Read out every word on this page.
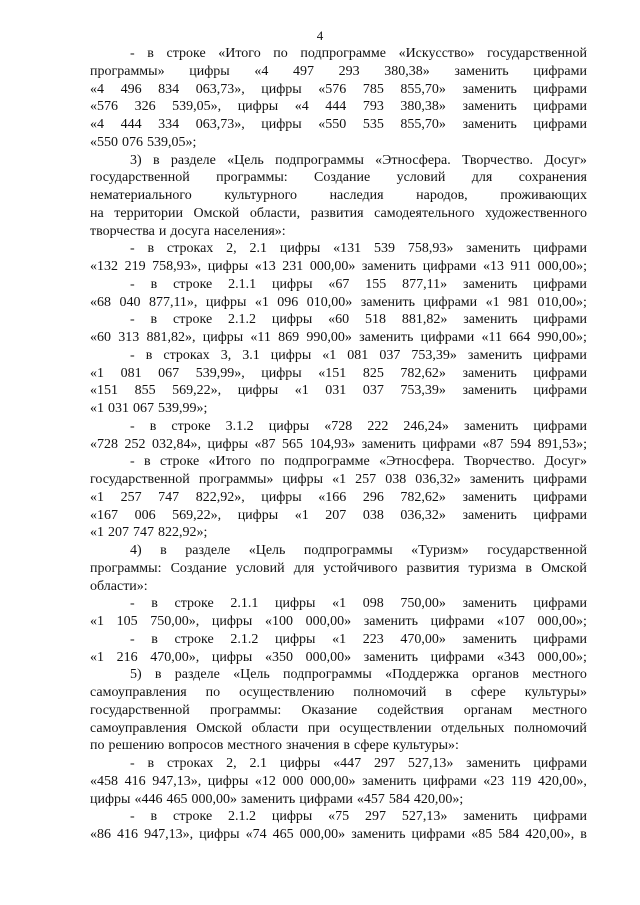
4
- в строке «Итого по подпрограмме «Искусство» государственной
программы» цифры «4 497 293 380,38» заменить цифрами
«4 496 834 063,73», цифры «576 785 855,70» заменить цифрами
«576 326 539,05», цифры «4 444 793 380,38» заменить цифрами
«4 444 334 063,73», цифры «550 535 855,70» заменить цифрами
«550 076 539,05»;
3) в разделе «Цель подпрограммы «Этносфера. Творчество. Досуг»
государственной программы: Создание условий для сохранения
нематериального культурного наследия народов, проживающих
на территории Омской области, развития самодеятельного художественного
творчества и досуга населения»:
- в строках 2, 2.1 цифры «131 539 758,93» заменить цифрами
«132 219 758,93», цифры «13 231 000,00» заменить цифрами «13 911 000,00»;
- в строке 2.1.1 цифры «67 155 877,11» заменить цифрами
«68 040 877,11», цифры «1 096 010,00» заменить цифрами «1 981 010,00»;
- в строке 2.1.2 цифры «60 518 881,82» заменить цифрами
«60 313 881,82», цифры «11 869 990,00» заменить цифрами «11 664 990,00»;
- в строках 3, 3.1 цифры «1 081 037 753,39» заменить цифрами
«1 081 067 539,99», цифры «151 825 782,62» заменить цифрами
«151 855 569,22», цифры «1 031 037 753,39» заменить цифрами
«1 031 067 539,99»;
- в строке 3.1.2 цифры «728 222 246,24» заменить цифрами
«728 252 032,84», цифры «87 565 104,93» заменить цифрами «87 594 891,53»;
- в строке «Итого по подпрограмме «Этносфера. Творчество. Досуг»
государственной программы» цифры «1 257 038 036,32» заменить цифрами
«1 257 747 822,92», цифры «166 296 782,62» заменить цифрами
«167 006 569,22», цифры «1 207 038 036,32» заменить цифрами
«1 207 747 822,92»;
4) в разделе «Цель подпрограммы «Туризм» государственной
программы: Создание условий для устойчивого развития туризма в Омской
области»:
- в строке 2.1.1 цифры «1 098 750,00» заменить цифрами
«1 105 750,00», цифры «100 000,00» заменить цифрами «107 000,00»;
- в строке 2.1.2 цифры «1 223 470,00» заменить цифрами
«1 216 470,00», цифры «350 000,00» заменить цифрами «343 000,00»;
5) в разделе «Цель подпрограммы «Поддержка органов местного
самоуправления по осуществлению полномочий в сфере культуры»
государственной программы: Оказание содействия органам местного
самоуправления Омской области при осуществлении отдельных полномочий
по решению вопросов местного значения в сфере культуры»:
- в строках 2, 2.1 цифры «447 297 527,13» заменить цифрами
«458 416 947,13», цифры «12 000 000,00» заменить цифрами «23 119 420,00»,
цифры «446 465 000,00» заменить цифрами «457 584 420,00»;
- в строке 2.1.2 цифры «75 297 527,13» заменить цифрами
«86 416 947,13», цифры «74 465 000,00» заменить цифрами «85 584 420,00», в
